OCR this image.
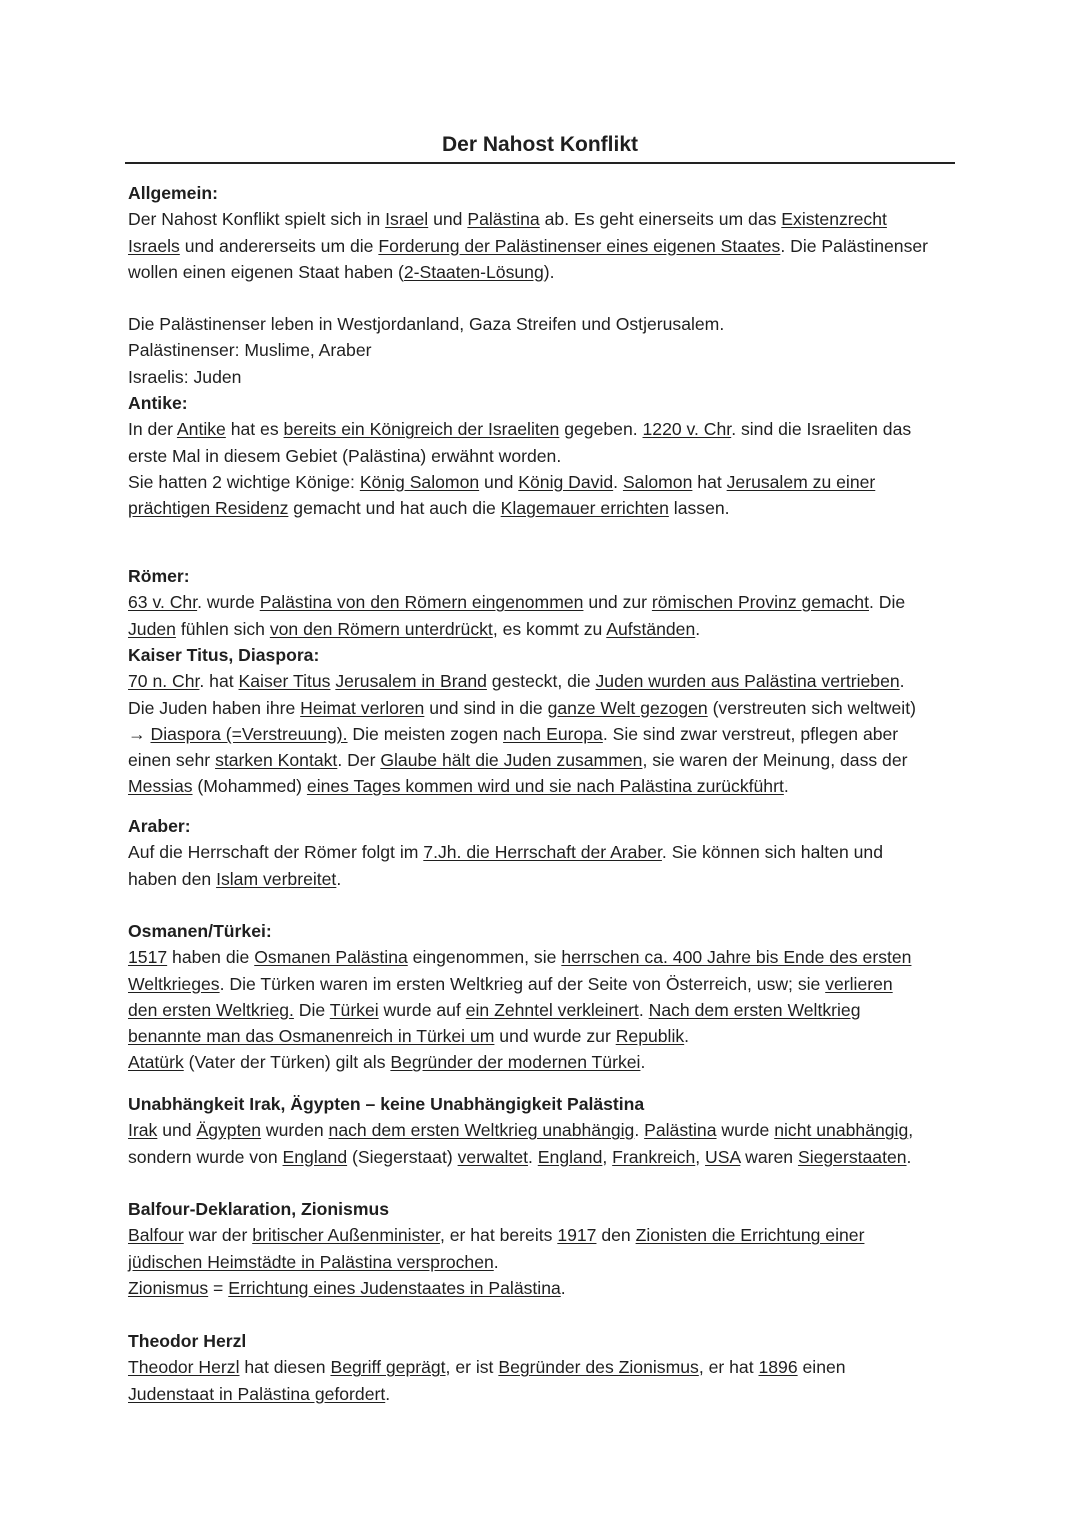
Der Nahost Konflikt

Allgemein:
Der Nahost Konflikt spielt sich in Israel und Palästina ab. Es geht einerseits um das Existenzrecht
Israels und andererseits um die Forderung der Palästinenser eines eigenen Staates. Die Palästinenser
wollen einen eigenen Staat haben (2-Staaten-Lösung).

Die Palästinenser leben in Westjordanland, Gaza Streifen und Ostjerusalem.
Palästinenser: Muslime, Araber
Israelis: Juden

Antike:
In der Antike hat es bereits ein Königreich der Israeliten gegeben. 1220 v. Chr. sind die Israeliten das
erste Mal in diesem Gebiet (Palästina) erwähnt worden.
Sie hatten 2 wichtige Könige: König Salomon und König David. Salomon hat Jerusalem zu einer
prächtigen Residenz gemacht und hat auch die Klagemauer errichten lassen.

Römer:
63 v. Chr. wurde Palästina von den Römern eingenommen und zur römischen Provinz gemacht. Die
Juden fühlen sich von den Römern unterdrückt, es kommt zu Aufständen.

Kaiser Titus, Diaspora:
70 n. Chr. hat Kaiser Titus Jerusalem in Brand gesteckt, die Juden wurden aus Palästina vertrieben.
Die Juden haben ihre Heimat verloren und sind in die ganze Welt gezogen (verstreuten sich weltweit)
→ Diaspora (=Verstreuung). Die meisten zogen nach Europa. Sie sind zwar verstreut, pflegen aber
einen sehr starken Kontakt. Der Glaube hält die Juden zusammen, sie waren der Meinung, dass der
Messias (Mohammed) eines Tages kommen wird und sie nach Palästina zurückführt.

Araber:
Auf die Herrschaft der Römer folgt im 7.Jh. die Herrschaft der Araber. Sie können sich halten und
haben den Islam verbreitet.

Osmanen/Türkei:
1517 haben die Osmanen Palästina eingenommen, sie herrschen ca. 400 Jahre bis Ende des ersten
Weltkrieges. Die Türken waren im ersten Weltkrieg auf der Seite von Österreich, usw; sie verlieren
den ersten Weltkrieg. Die Türkei wurde auf ein Zehntel verkleinert. Nach dem ersten Weltkrieg
benannte man das Osmanenreich in Türkei um und wurde zur Republik.
Atatürk (Vater der Türken) gilt als Begründer der modernen Türkei.

Unabhängkeit Irak, Ägypten – keine Unabhängigkeit Palästina
Irak und Ägypten wurden nach dem ersten Weltkrieg unabhängig. Palästina wurde nicht unabhängig,
sondern wurde von England (Siegerstaat) verwaltet. England, Frankreich, USA waren Siegerstaaten.

Balfour-Deklaration, Zionismus
Balfour war der britischer Außenminister, er hat bereits 1917 den Zionisten die Errichtung einer
jüdischen Heimstädte in Palästina versprochen.
Zionismus = Errichtung eines Judenstaates in Palästina.

Theodor Herzl
Theodor Herzl hat diesen Begriff geprägt, er ist Begründer des Zionismus, er hat 1896 einen
Judenstaat in Palästina gefordert.
